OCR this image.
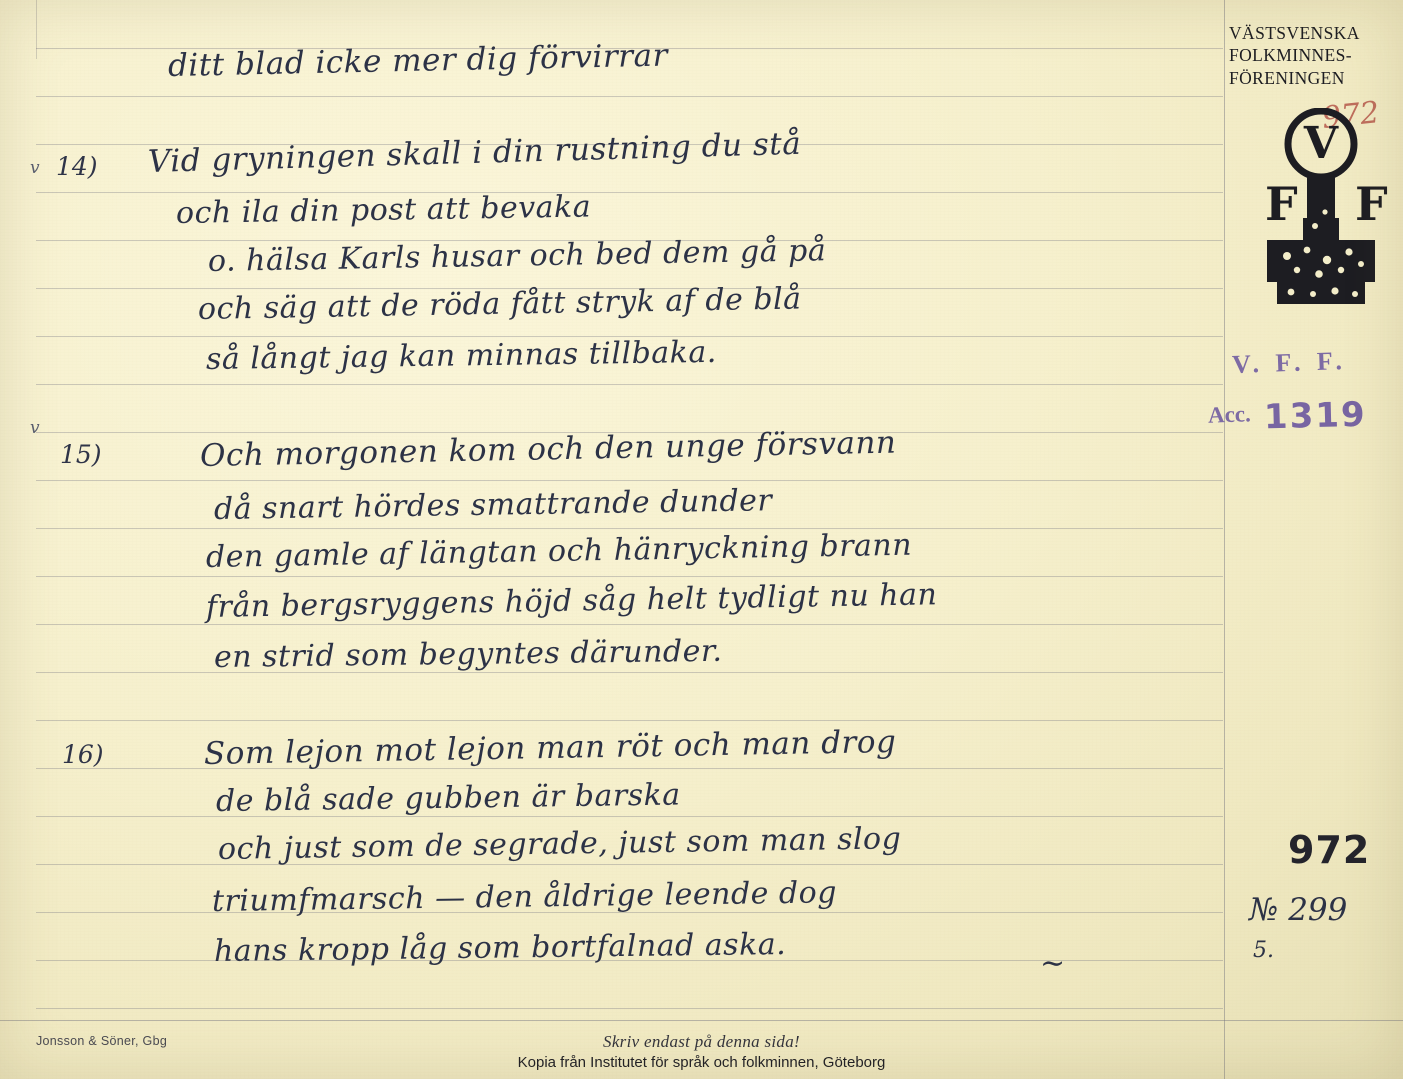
VÄSTSVENSKA
FOLKMINNES-
FÖRENINGEN
972
V
F F
V. F. F.
Acc. 1319
972
№ 299
5.
ditt blad icke mer dig förvirrar
v 14) Vid gryningen skall i din rustning du stå
och ila din post att bevaka
o. hälsa Karls husar och bed dem gå på
och säg att de röda fått stryk af de blå
så långt jag kan minnas tillbaka.
v
15)	Och morgonen kom och den unge försvann
då snart hördes smattrande dunder
den gamle af längtan och hänryckning brann
från bergsryggens höjd såg helt tydligt nu han
en strid som begyntes därunder.
16)	Som lejon mot lejon man röt och man drog
de blå sade gubben är barska
och just som de segrade, just som man slog
triumfmarsch — den åldrige leende dog
hans kropp låg som bortfalnad aska.	∼
Jonsson & Söner, Gbg	Skriv endast på denna sida!
Kopia från Institutet för språk och folkminnen, Göteborg
